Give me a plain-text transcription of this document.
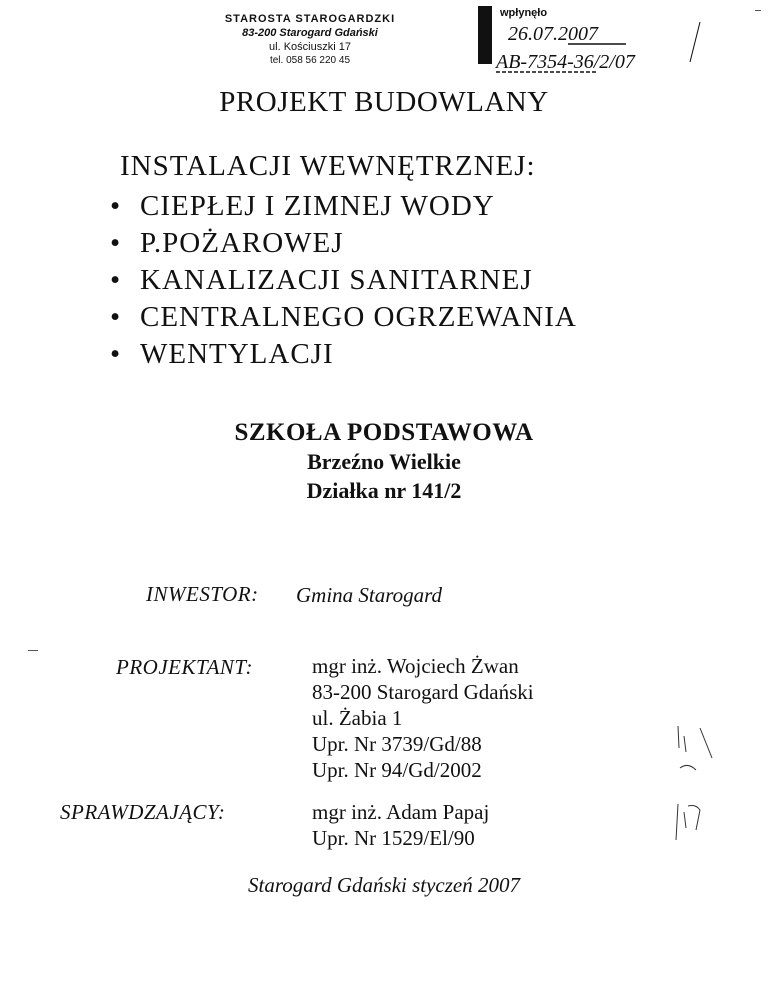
STAROSTA STAROGARDZKI
83-200 Starogard Gdański
ul. Kościuszki 17
tel. 058 56 220 45
wpłynęło
26.07.2007
AB-7354-36/2/07
PROJEKT BUDOWLANY
INSTALACJI WEWNĘTRZNEJ:
• CIEPŁEJ I ZIMNEJ WODY
• P.POŻAROWEJ
• KANALIZACJI SANITARNEJ
• CENTRALNEGO OGRZEWANIA
• WENTYLACJI
SZKOŁA PODSTAWOWA
Brzeźno Wielkie
Działka nr 141/2
INWESTOR: Gmina Starogard
PROJEKTANT:	mgr inż. Wojciech Żwan
83-200 Starogard Gdański
ul. Żabia 1
Upr. Nr 3739/Gd/88
Upr. Nr 94/Gd/2002
SPRAWDZAJĄCY:	mgr inż. Adam Papaj
Upr. Nr 1529/El/90
Starogard Gdański styczeń 2007
